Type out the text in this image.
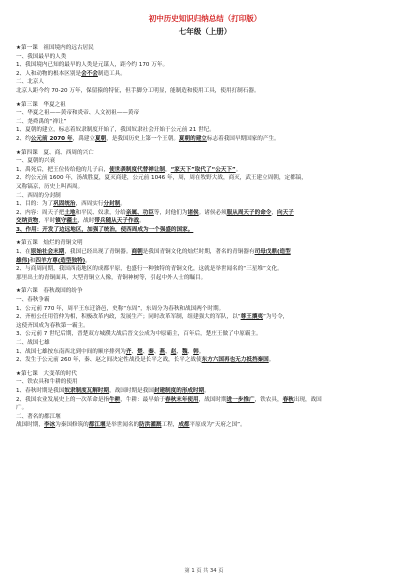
初中历史知识归纳总结（打印版）
七年级（上册）
★第一课　祖国境内的远古居民
一、我国最早的人类
1、我国境内已知的最早的人类是元谋人，距今约 170 万年。
2、人和动物的根本区别是会不会制造工具。
二、北京人
北京人距今约 70-20 万年，保留猿的特征，但手脚分工明显，能制造和使用工具，使用打制石器。
★第三课　华夏之祖
一、华夏之祖——黄帝和炎帝、人文初祖——黄帝
二、尧舜禹的“禅让”
1、夏朝的建立，标志着奴隶制度开始了，我国奴隶社会开始于公元前 21 世纪。
2、约公元前 2070 年，禹建立夏朝，是我国历史上第一个王朝。夏朝的建立标志着我国早期国家的产生。
★第四课　夏、商、西周的兴亡
一、夏朝的兴衰
1、禹死后，把王位传给他的儿子启，使世袭制度代替禅让制，“家天下”取代了“公天下”。
2、约公元前 1600 年，汤战胜夏，夏灭商建，公元前 1046 年，周，周在牧野大战，商灭，武王建立周朝，定都镐，
又称镐京，历史上叫西周。
二、西周的分封制
1、目的：为了巩固统治，西周实行分封制。
2、内容：周天子把土地和平民、奴隶，分给亲属、功臣等，封他们为诸侯。诸侯必须服从周天子的命令，向天子
交纳贡物，平时镇守疆土，战时带兵随从天子作战。
3、作用：开发了边远地区，加强了统治，使西周成为一个强盛的国家。
★第五课　灿烂的青铜文明
1、在原始社会末期，我国已经出现了青铜器。商朝是我国青铜文化的灿烂时期，著名的青铜器有司母戊鼎(造型
雄伟)和四羊方尊(造型独特)。
2、与商周同期，我国西南地区的成都平原，也盛行一种独特的青铜文化，这就是举世闻名的“三星堆”文化。
那里出土的青铜面具，大型青铜立人像，青铜神树等，引起中外人士的瞩目。
★第六课　春秋战国的纷争
一、春秋争霸
1、公元前 770 年，周平王东迁洛邑，史称“东周”，东周分为春秋和战国两个时期。
2、齐桓公任用管仲为相，积极改革内政，发展生产；同时改革军制，组建强大的军队，以“尊王攘夷”为号令，
这使齐国成为春秋第一霸主。
3、公元前 7 世纪后期，晋楚双方城濮大战后晋文公成为中原霸主，百年后，楚庄王做了中原霸主。
二、战国七雄
1、战国七雄按东南西北到中间的顺序排列为齐、楚、秦、燕、赵、魏、韩。
2、发生于公元前 260 年，秦、赵之间决定性战役是长平之战，长平之战使东方六国再也无力抵挡秦国。
★第七课　大变革的时代
一、铁农具和牛耕的使用
1、春秋时期是我国奴隶制度瓦解时期，战国时期是我国封建制度的形成时期。
2、我国农业发展史上的一次革命是指牛耕，牛耕：最早始于春秋末年使用，战国时期进一步推广，铁农具，春秋出现，战国
广。
二、著名的都江堰
战国时期，李冰为秦国修筑的都江堰是举世闻名的防洪灌溉工程，成都平原成为“天府之国”。
第 1 页 共 34 页
